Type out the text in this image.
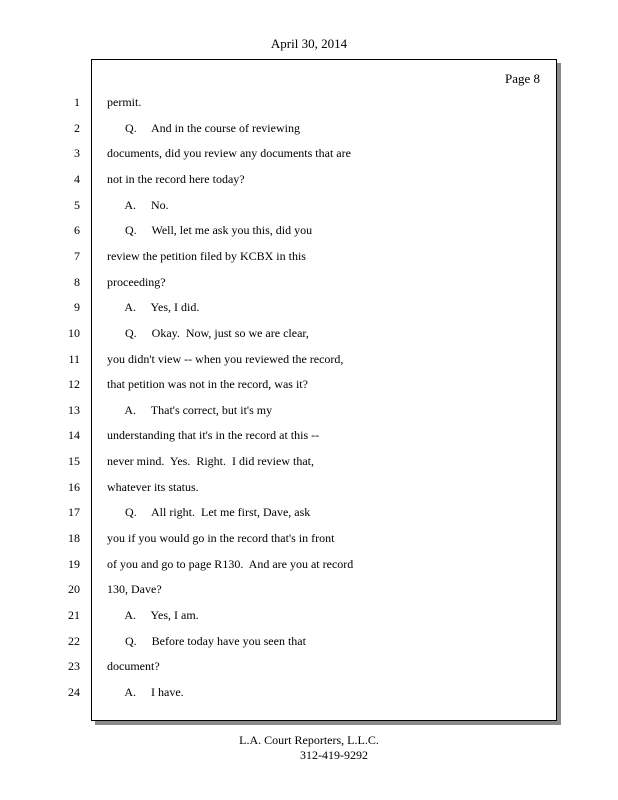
April 30, 2014
Page 8
1 permit.
2 Q.     And in the course of reviewing
3 documents, did you review any documents that are
4 not in the record here today?
5 A.     No.
6 Q.     Well, let me ask you this, did you
7 review the petition filed by KCBX in this
8 proceeding?
9 A.     Yes, I did.
10 Q.     Okay.  Now, just so we are clear,
11 you didn't view -- when you reviewed the record,
12 that petition was not in the record, was it?
13 A.     That's correct, but it's my
14 understanding that it's in the record at this --
15 never mind.  Yes.  Right.  I did review that,
16 whatever its status.
17 Q.     All right.  Let me first, Dave, ask
18 you if you would go in the record that's in front
19 of you and go to page R130.  And are you at record
20 130, Dave?
21 A.     Yes, I am.
22 Q.     Before today have you seen that
23 document?
24 A.     I have.
L.A. Court Reporters, L.L.C.
312-419-9292
